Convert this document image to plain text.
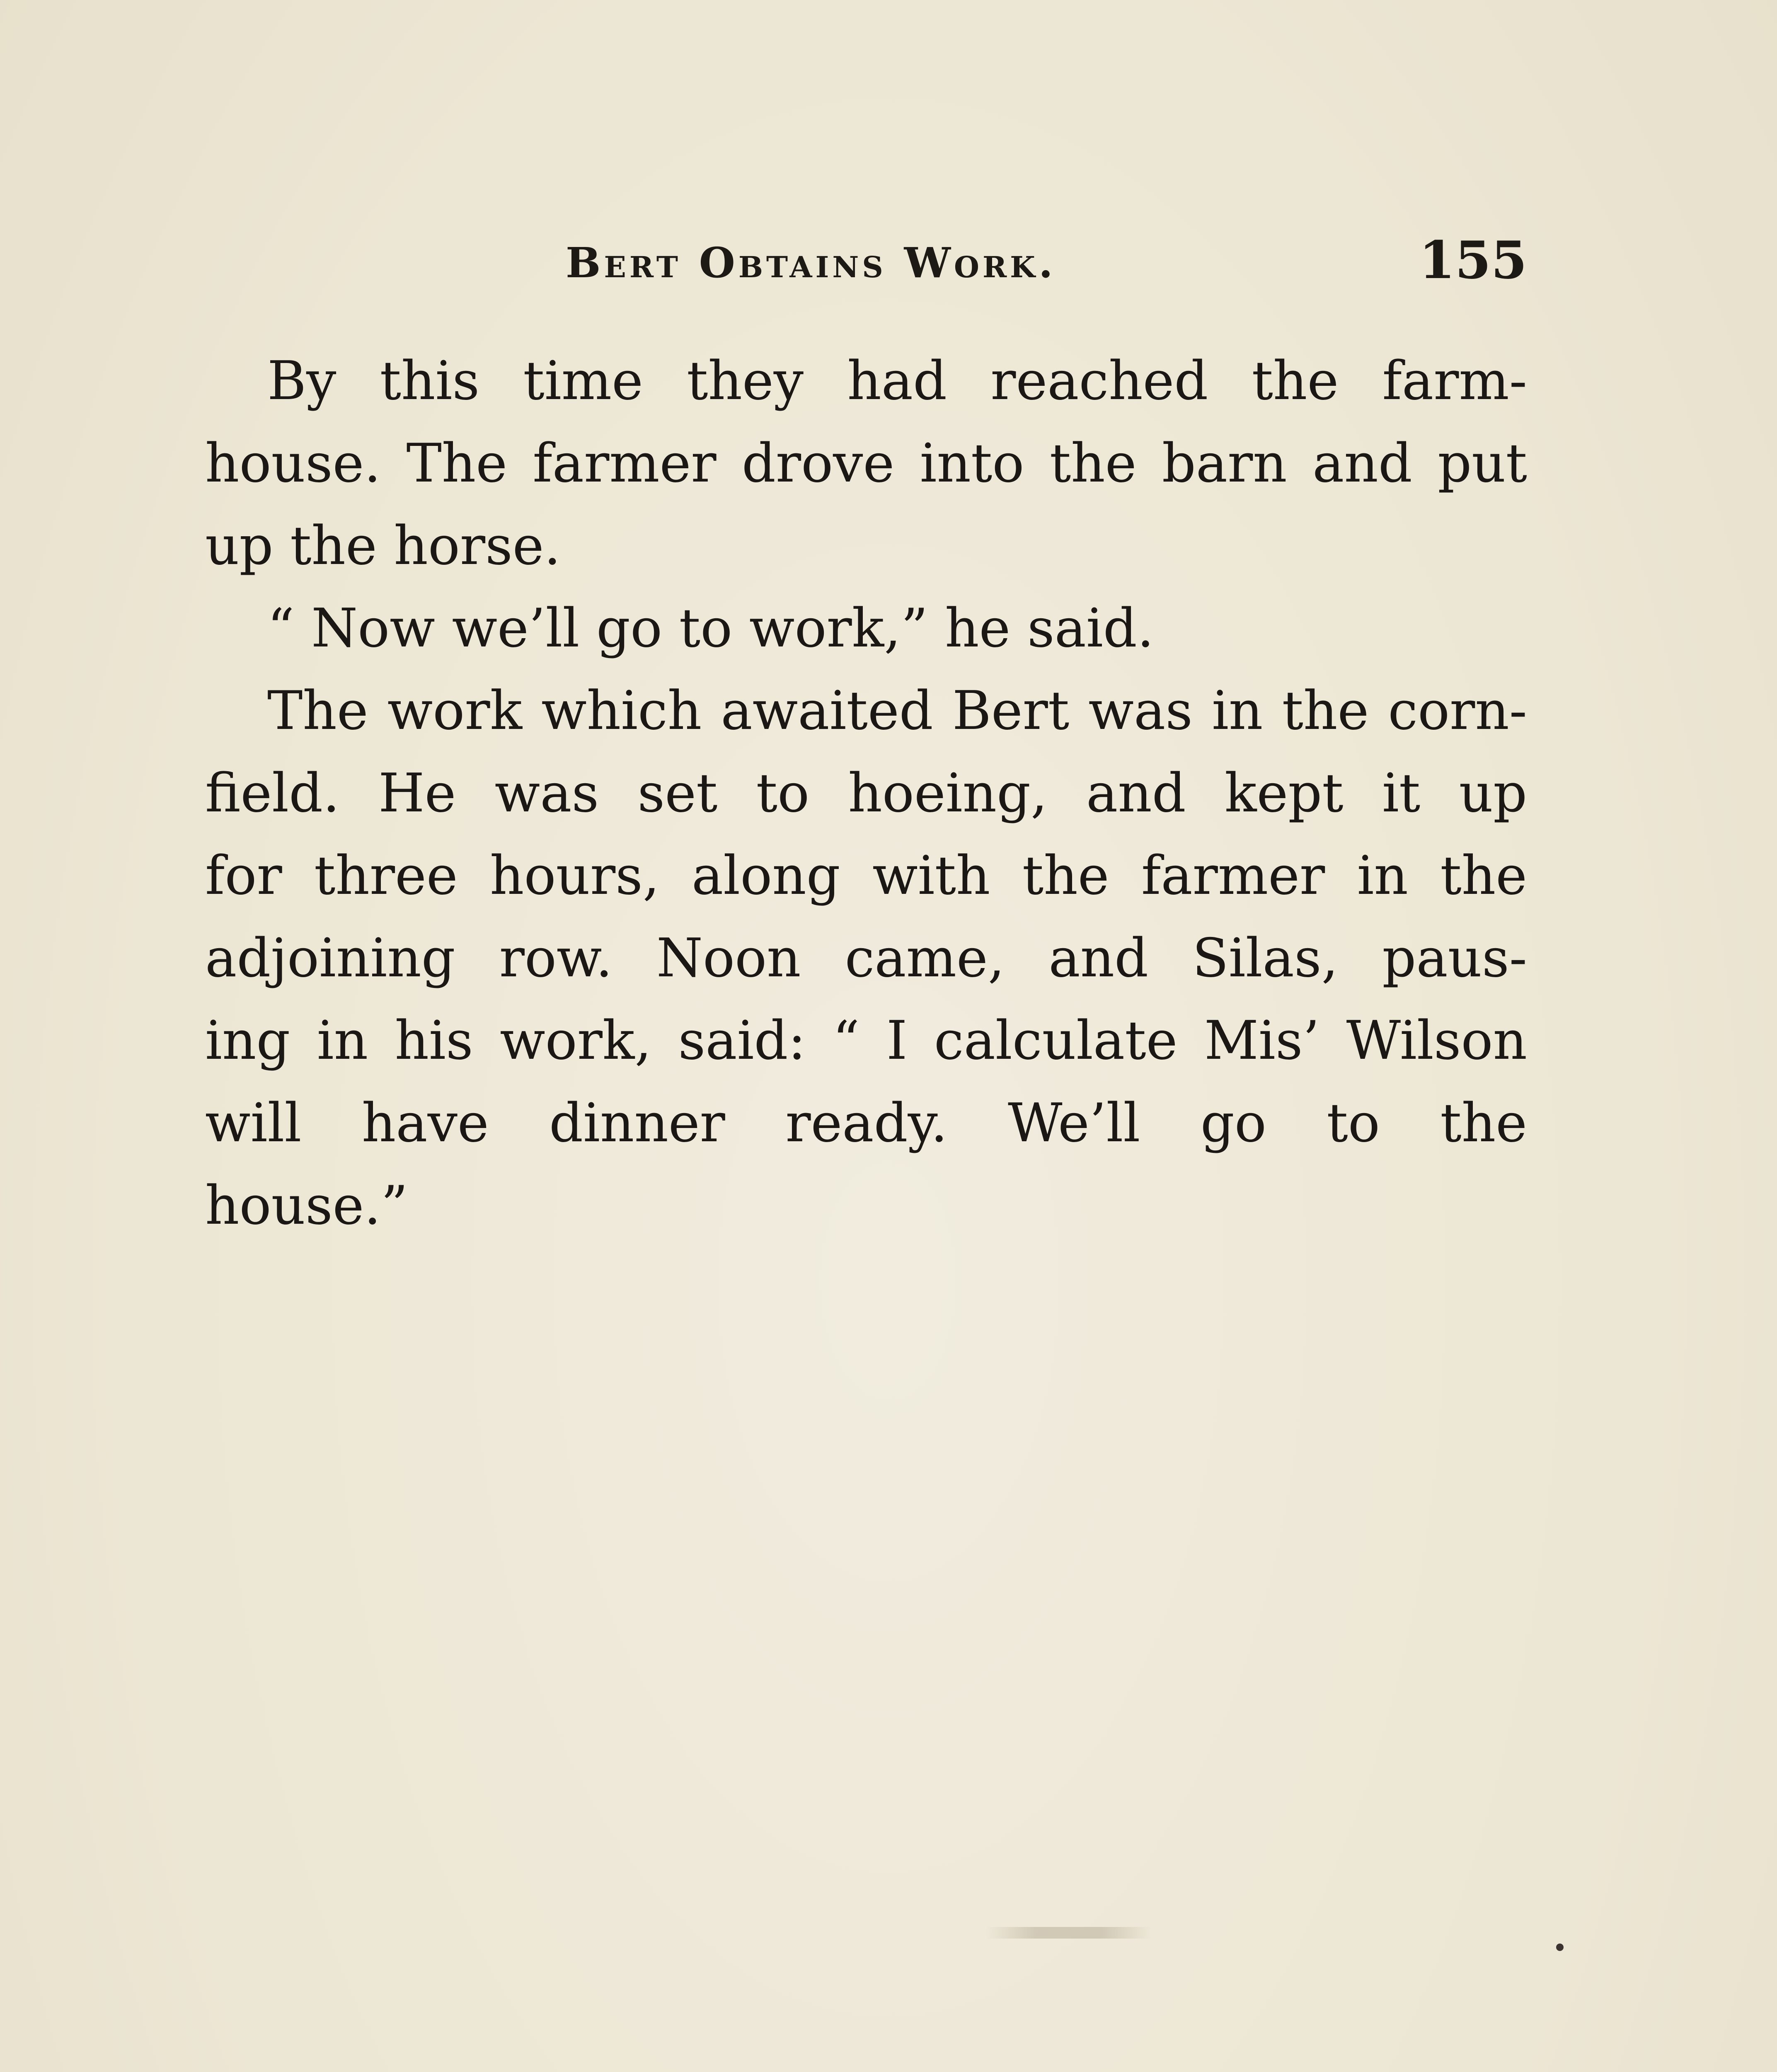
Bert Obtains Work.	155
By this time they had reached the farm-
house. The farmer drove into the barn and put
up the horse.
“ Now we’ll go to work,” he said.
The work which awaited Bert was in the corn-
field. He was set to hoeing, and kept it up
for three hours, along with the farmer in the
adjoining row. Noon came, and Silas, paus-
ing in his work, said: “ I calculate Mis’ Wilson
will have dinner ready. We’ll go to the
house.”
